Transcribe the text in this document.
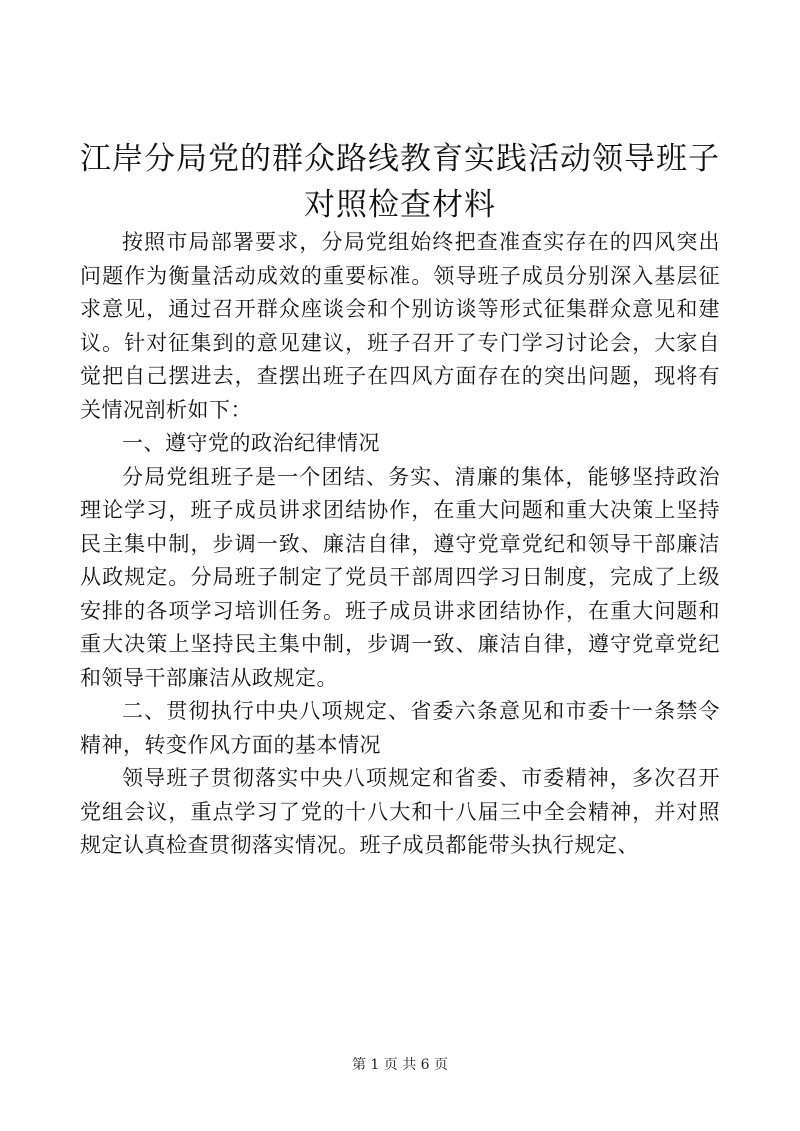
江岸分局党的群众路线教育实践活动领导班子
对照检查材料

按照市局部署要求，分局党组始终把查准查实存在的四风突出问题作为衡量活动成效的重要标准。领导班子成员分别深入基层征求意见，通过召开群众座谈会和个别访谈等形式征集群众意见和建议。针对征集到的意见建议，班子召开了专门学习讨论会，大家自觉把自己摆进去，查摆出班子在四风方面存在的突出问题，现将有关情况剖析如下：

一、遵守党的政治纪律情况

分局党组班子是一个团结、务实、清廉的集体，能够坚持政治理论学习，班子成员讲求团结协作，在重大问题和重大决策上坚持民主集中制，步调一致、廉洁自律，遵守党章党纪和领导干部廉洁从政规定。分局班子制定了党员干部周四学习日制度，完成了上级安排的各项学习培训任务。班子成员讲求团结协作，在重大问题和重大决策上坚持民主集中制，步调一致、廉洁自律，遵守党章党纪和领导干部廉洁从政规定。

二、贯彻执行中央八项规定、省委六条意见和市委十一条禁令精神，转变作风方面的基本情况

领导班子贯彻落实中央八项规定和省委、市委精神，多次召开党组会议，重点学习了党的十八大和十八届三中全会精神，并对照规定认真检查贯彻落实情况。班子成员都能带头执行规定、

第 1 页 共 6 页
